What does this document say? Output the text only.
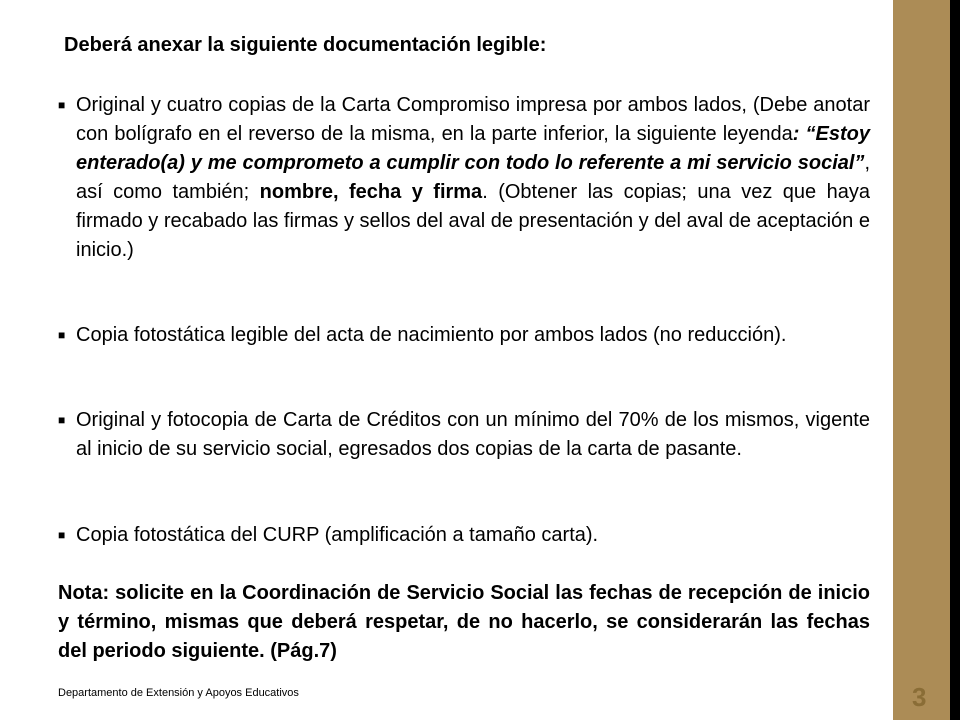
Deberá anexar la siguiente documentación legible:

■ Original y cuatro copias de la Carta Compromiso impresa por ambos lados, (Debe anotar con bolígrafo en el reverso de la misma, en la parte inferior, la siguiente leyenda: “Estoy enterado(a) y me comprometo a cumplir con todo lo referente a mi servicio social”, así como también; nombre, fecha y firma. (Obtener las copias; una vez que haya firmado y recabado las firmas y sellos del aval de presentación y del aval de aceptación e inicio.)
■ Copia fotostática legible del acta de nacimiento por ambos lados (no reducción).
■ Original y fotocopia de Carta de Créditos con un mínimo del 70% de los mismos, vigente al inicio de su servicio social, egresados dos copias de la carta de pasante.
■ Copia fotostática del CURP (amplificación a tamaño carta).

Nota: solicite en la Coordinación de Servicio Social las fechas de recepción de inicio y término, mismas que deberá respetar, de no hacerlo, se considerarán las fechas del periodo siguiente. (Pág.7)

Departamento de Extensión y Apoyos Educativos	3
